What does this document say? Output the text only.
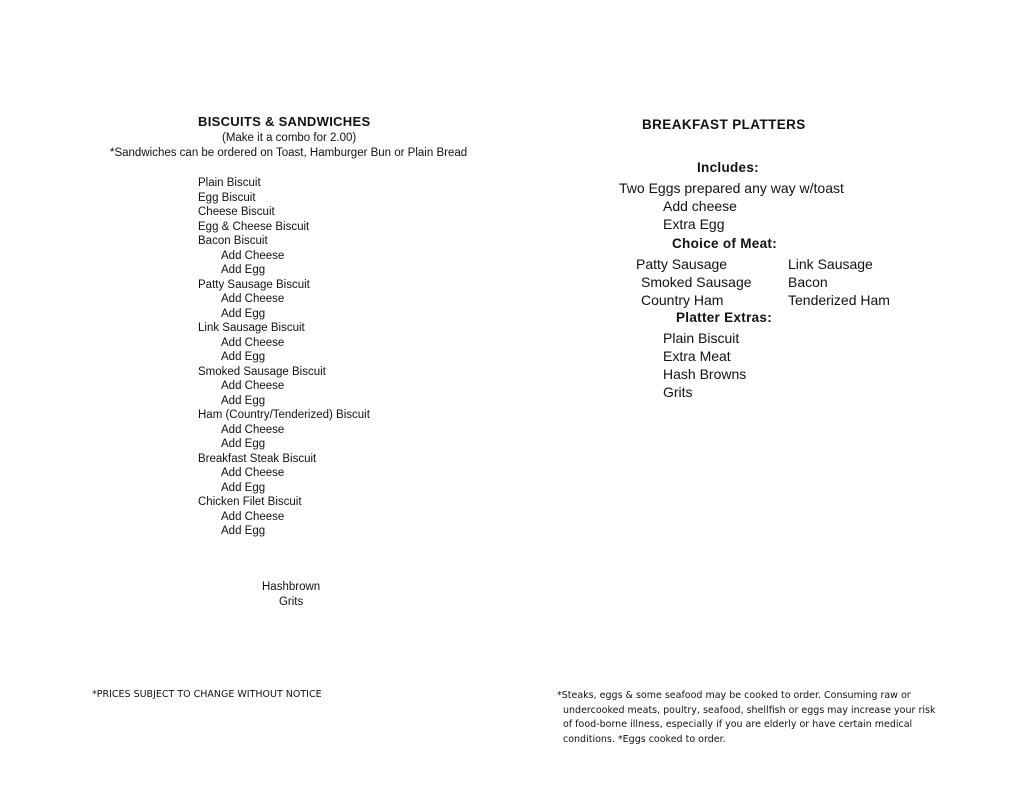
BISCUITS & SANDWICHES
(Make it a combo for 2.00)
*Sandwiches can be ordered on Toast, Hamburger Bun or Plain Bread
Plain Biscuit
Egg Biscuit
Cheese Biscuit
Egg & Cheese Biscuit
Bacon Biscuit
Add Cheese
Add Egg
Patty Sausage Biscuit
Add Cheese
Add Egg
Link Sausage Biscuit
Add Cheese
Add Egg
Smoked Sausage Biscuit
Add Cheese
Add Egg
Ham (Country/Tenderized) Biscuit
Add Cheese
Add Egg
Breakfast Steak Biscuit
Add Cheese
Add Egg
Chicken Filet Biscuit
Add Cheese
Add Egg
Hashbrown
Grits
BREAKFAST PLATTERS
Includes:
Two Eggs prepared any way w/toast
Add cheese
Extra Egg
Choice of Meat:
Patty Sausage	Link Sausage
Smoked Sausage	Bacon
Country Ham	Tenderized Ham
Platter Extras:
Plain Biscuit
Extra Meat
Hash Browns
Grits
*PRICES SUBJECT TO CHANGE WITHOUT NOTICE	*Steaks, eggs & some seafood may be cooked to order. Consuming raw or
undercooked meats, poultry, seafood, shellfish or eggs may increase your risk
of food-borne illness, especially if you are elderly or have certain medical
conditions. *Eggs cooked to order.
